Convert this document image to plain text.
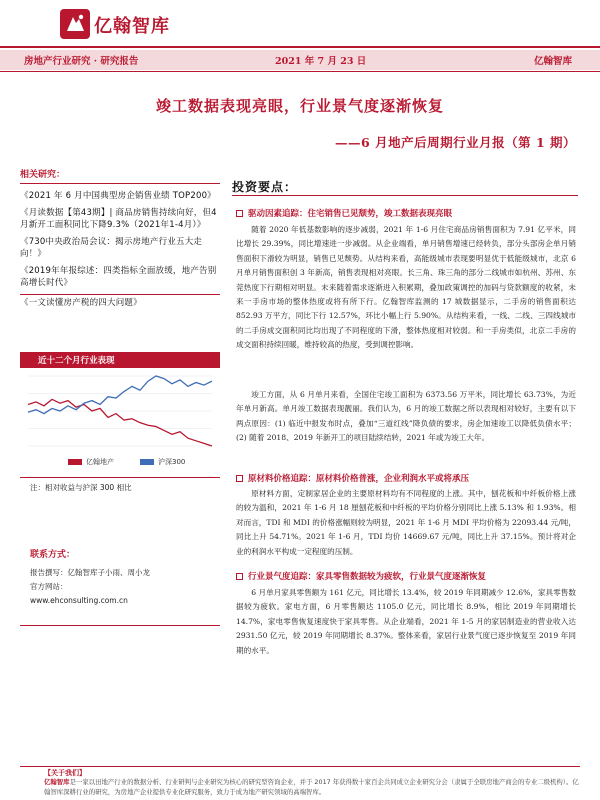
亿翰智库
房地产行业研究 · 研究报告	2021 年 7 月 23 日	亿翰智库
竣工数据表现亮眼，行业景气度逐渐恢复
——6 月地产后周期行业月报（第 1 期）
相关研究：
《2021 年 6 月中国典型房企销售业绩 TOP200》
《月读数据【第43期】| 商品房销售持续向好，但4月新开工面积同比下降9.3%（2021年1-4月）》
《730中央政治局会议：揭示房地产行业五大走向！》
《2019年年报综述：四类指标全面放缓，地产告别高增长时代》
《一文读懂房产税的四大问题》
近十二个月行业表现
亿翰地产	沪深300
注：相对收益与沪深 300 相比
联系方式：
报告撰写：亿翰智库子小雨、周小龙
官方网站：
www.ehconsulting.com.cn
投资要点：
驱动因素追踪：住宅销售已见颓势，竣工数据表现亮眼
随着 2020 年低基数影响的逐步减弱，2021 年 1-6 月住宅商品房销售面积为 7.91 亿平米，同比增长 29.39%，同比增速进一步减弱。从企业端看，单月销售增速已经转负，部分头部房企单月销售面积下滑较为明显，销售已见颓势。从结构来看，高能级城市表现要明显优于低能级城市，北京 6 月单月销售面积创 3 年新高，销售表现相对亮眼。长三角、珠三角的部分二线城市如杭州、苏州、东莞热度下行期相对明显。未来随着需求逐渐进入积累期，叠加政策调控的加码与贷款额度的收紧，未来一手房市场的整体热度或将有所下行。亿翰智库监测的 17 城数据显示，二手房的销售面积达 852.93 万平方，同比下行 12.57%，环比小幅上行 5.90%。从结构来看，一线、二线、三四线城市的二手房成交面积同比均出现了不同程度的下滑，整体热度相对较弱。和一手房类似，北京二手房的成交面积持续回暖，维持较高的热度，受到调控影响。
竣工方面，从 6 月单月来看，全国住宅竣工面积为 6373.56 万平米，同比增长 63.73%，为近年单月新高。单月竣工数据表现靓丽。我们认为，6 月的竣工数据之所以表现相对较好，主要有以下两点原因：(1) 临近中报发布时点，叠加“三道红线”降负债的要求，房企加速竣工以降低负债水平；(2) 随着 2018、2019 年新开工的项目陆续结转，2021 年或为竣工大年。
原材料价格追踪：原材料价格普涨，企业利润水平或将承压
原材料方面，定制家居企业的主要原材料均有不同程度的上涨。其中，刨花板和中纤板价格上涨的较为温和，2021 年 1-6 月 18 厘刨花板和中纤板的平均价格分别同比上涨 5.13% 和 1.93%。相对而言，TDI 和 MDI 的价格涨幅则较为明显，2021 年 1-6 月 MDI 平均价格为 22093.44 元/吨，同比上升 54.71%。2021 年 1-6 月，TDI 均价 14669.67 元/吨，同比上升 37.15%。预计将对企业的利润水平构成一定程度的压制。
行业景气度追踪：家具零售数据较为疲软，行业景气度逐渐恢复
6 月单月家具零售额为 161 亿元，同比增长 13.4%，较 2019 年同期减少 12.6%，家具零售数据较为疲软。家电方面，6 月零售额达 1105.0 亿元，同比增长 8.9%，相比 2019 年同期增长 14.7%，家电零售恢复速度快于家具零售。从企业端看，2021 年 1-5 月的家居制造业的营业收入达 2931.50 亿元，较 2019 年同期增长 8.37%。整体来看，家居行业景气度已逐步恢复至 2019 年同期的水平。
【关于我们】
亿翰智库是一家以田地产行业的数据分析、行业研判与企业研究为核心的研究型咨询企业，并于 2017 年获得数十家百企共同成立企业研究分会（隶属于全联房地产商会的专业二级机构）。亿翰智库深耕行业的研究，为房地产企业提供专业化研究服务，致力于成为地产研究领域的高端智库。
